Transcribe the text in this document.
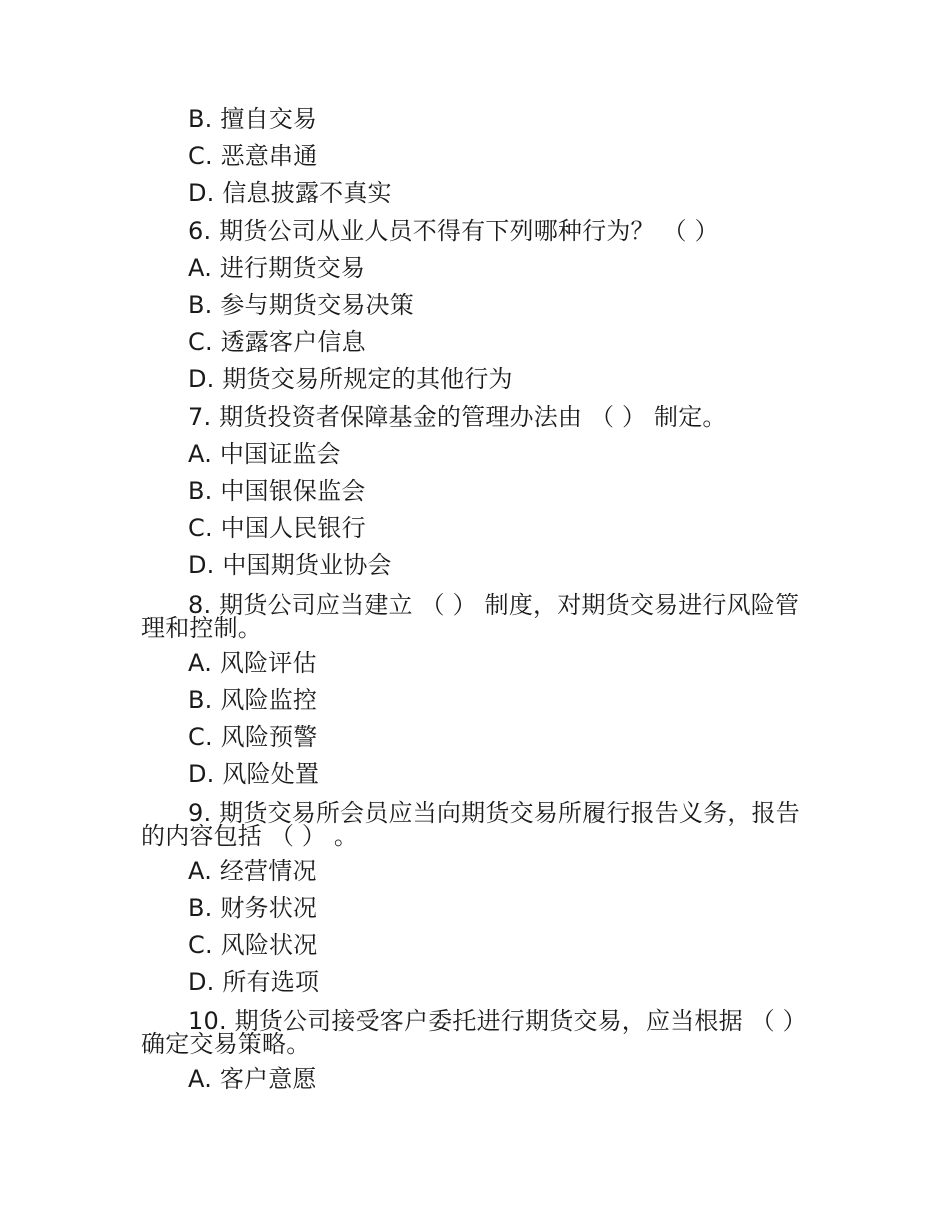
B. 擅自交易
C. 恶意串通
D. 信息披露不真实
6. 期货公司从业人员不得有下列哪种行为？ （ ）
A. 进行期货交易
B. 参与期货交易决策
C. 透露客户信息
D. 期货交易所规定的其他行为
7. 期货投资者保障基金的管理办法由 （ ） 制定。
A. 中国证监会
B. 中国银保监会
C. 中国人民银行
D. 中国期货业协会
8. 期货公司应当建立 （ ） 制度，对期货交易进行风险管
理和控制。
A. 风险评估
B. 风险监控
C. 风险预警
D. 风险处置
9. 期货交易所会员应当向期货交易所履行报告义务，报告
的内容包括 （ ） 。
A. 经营情况
B. 财务状况
C. 风险状况
D. 所有选项
10. 期货公司接受客户委托进行期货交易，应当根据 （ ）
确定交易策略。
A. 客户意愿
